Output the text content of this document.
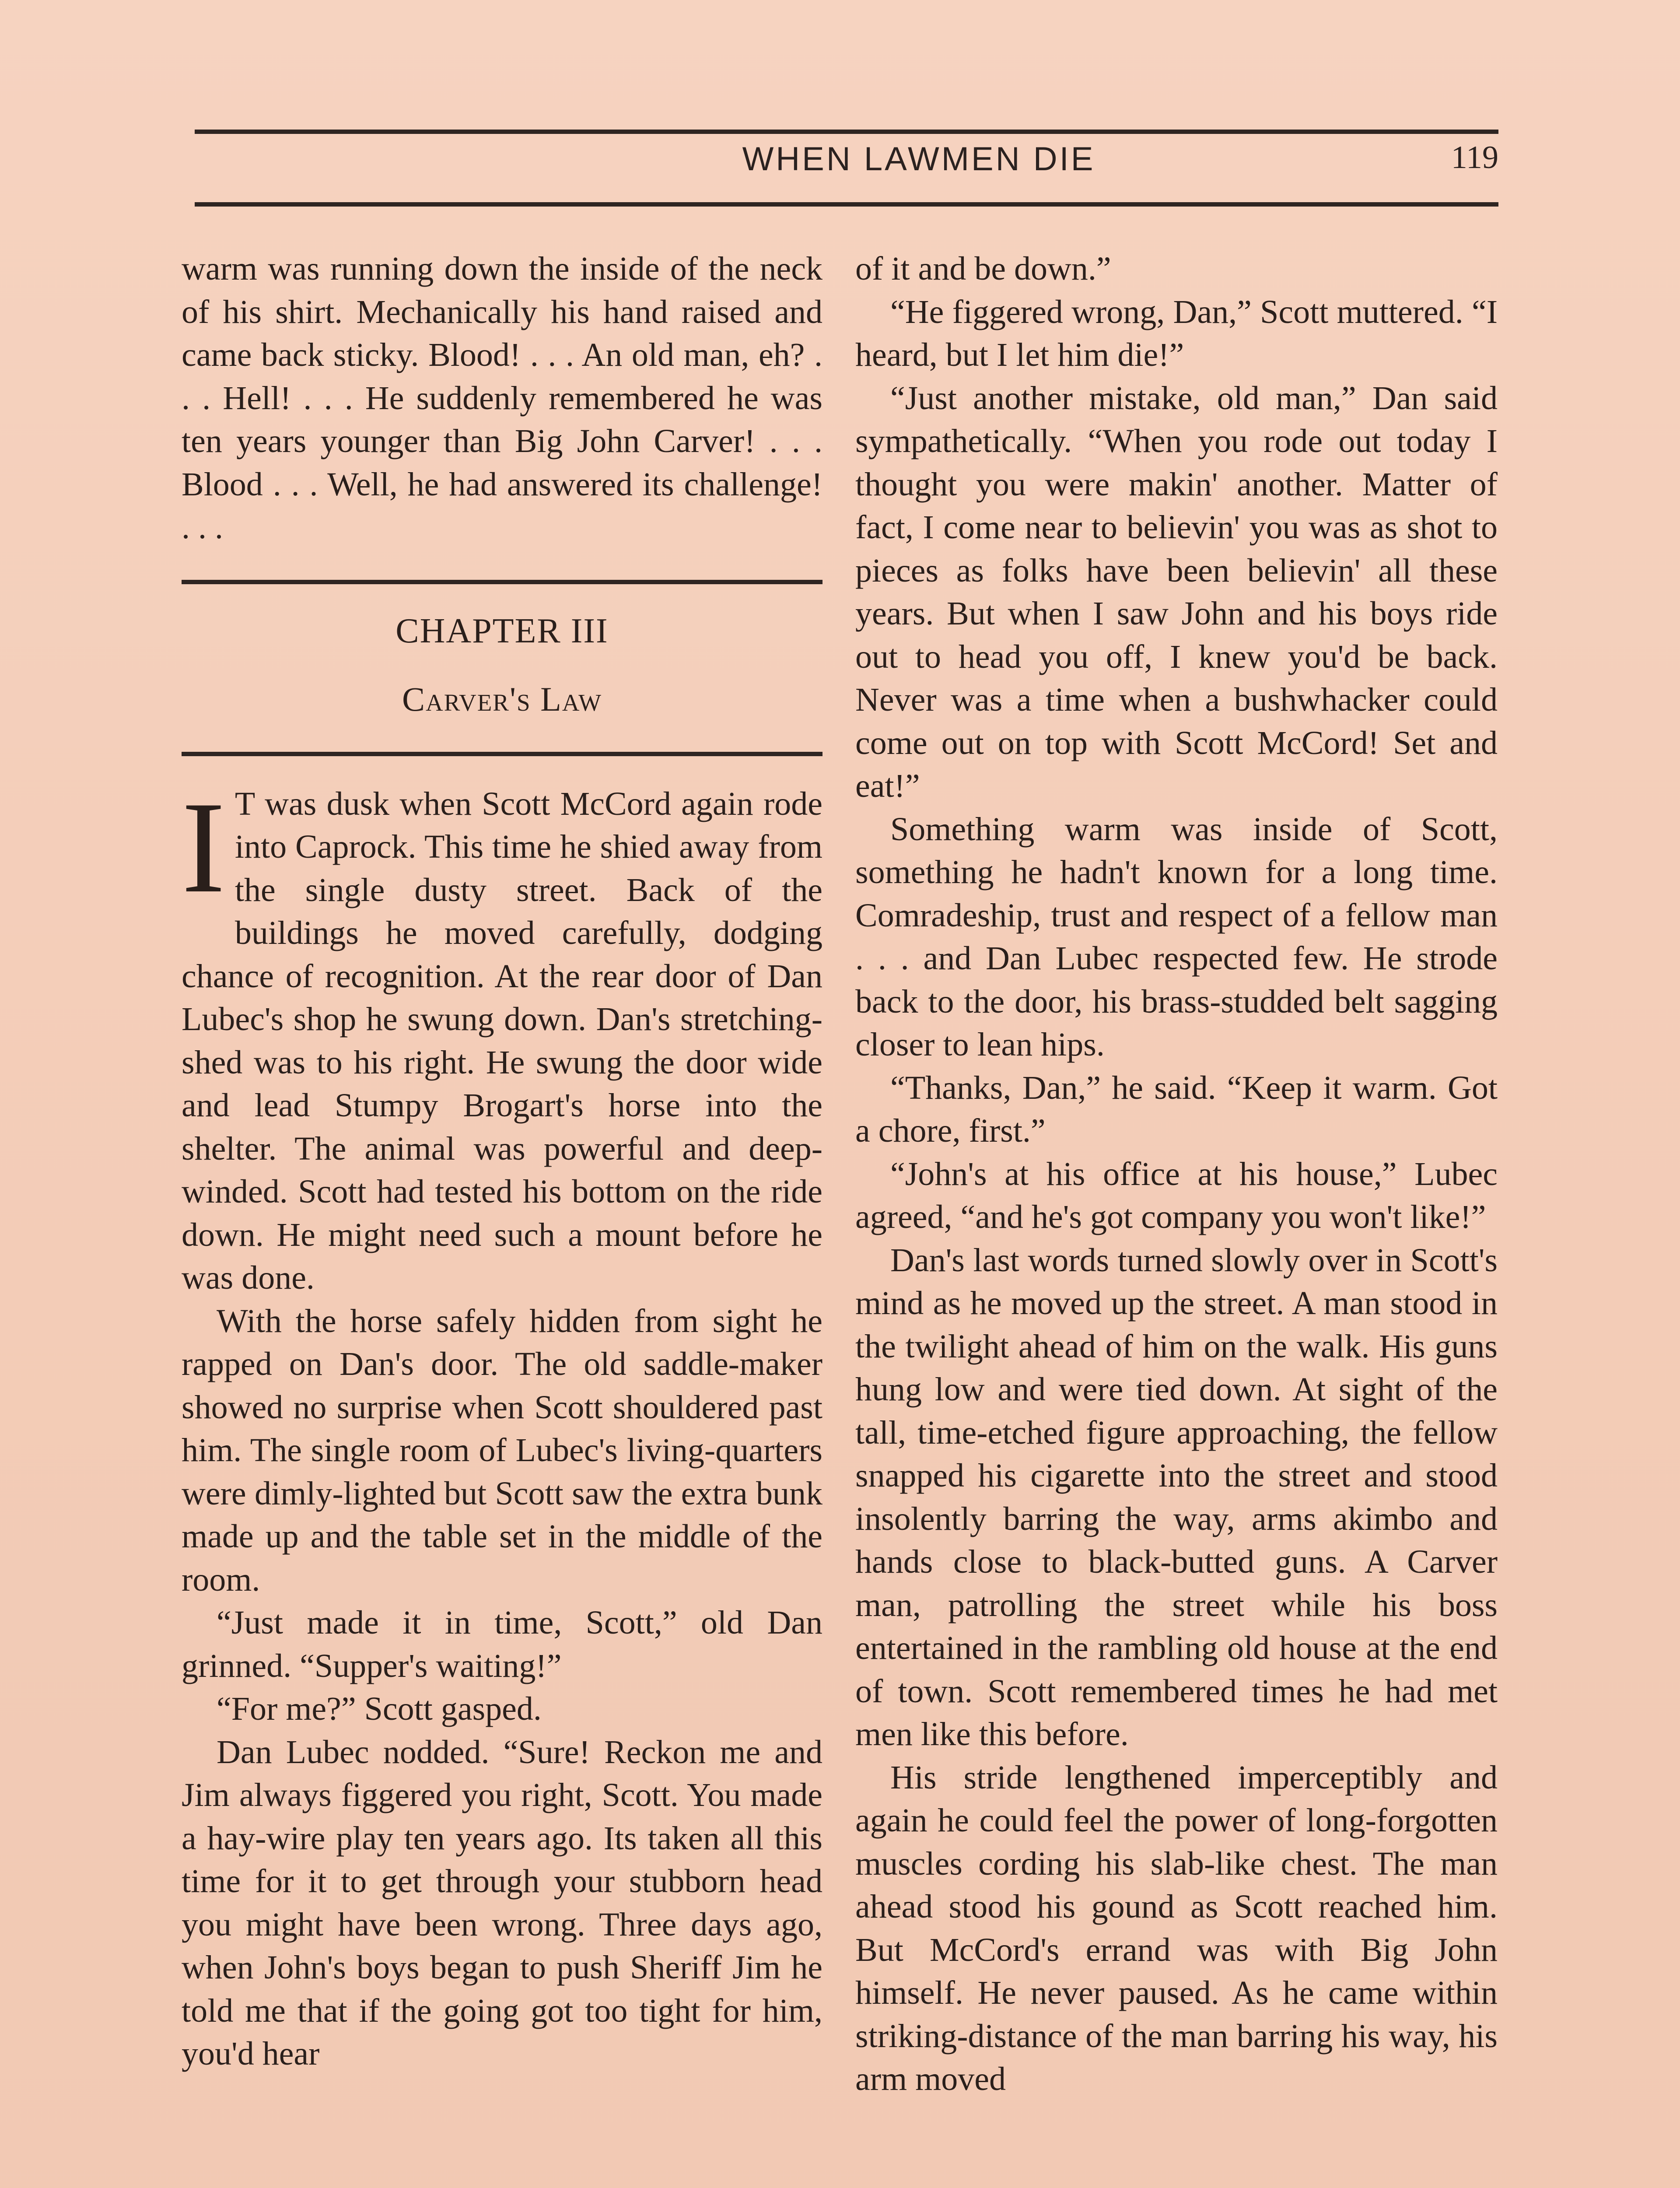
WHEN LAWMEN DIE	119

warm was running down the inside of the neck of his shirt. Mechanically his hand raised and came back sticky. Blood! . . . An old man, eh? . . . Hell! . . . He suddenly remembered he was ten years younger than Big John Carver! . . . Blood . . . Well, he had answered its challenge! . . .

CHAPTER III
Carver's Law

I T was dusk when Scott McCord again rode into Caprock. This time he shied away from the single dusty street. Back of the buildings he moved carefully, dodging chance of recognition. At the rear door of Dan Lubec's shop he swung down. Dan's stretching-shed was to his right. He swung the door wide and lead Stumpy Brogart's horse into the shelter. The animal was powerful and deep-winded. Scott had tested his bottom on the ride down. He might need such a mount before he was done.

With the horse safely hidden from sight he rapped on Dan's door. The old saddle-maker showed no surprise when Scott shouldered past him. The single room of Lubec's living-quarters were dimly-lighted but Scott saw the extra bunk made up and the table set in the middle of the room.

“Just made it in time, Scott,” old Dan grinned. “Supper's waiting!”

“For me?” Scott gasped.

Dan Lubec nodded. “Sure! Reckon me and Jim always figgered you right, Scott. You made a hay-wire play ten years ago. Its taken all this time for it to get through your stubborn head you might have been wrong. Three days ago, when John's boys began to push Sheriff Jim he told me that if the going got too tight for him, you'd hear

of it and be down.”

“He figgered wrong, Dan,” Scott muttered. “I heard, but I let him die!”

“Just another mistake, old man,” Dan said sympathetically. “When you rode out today I thought you were makin' another. Matter of fact, I come near to believin' you was as shot to pieces as folks have been believin' all these years. But when I saw John and his boys ride out to head you off, I knew you'd be back. Never was a time when a bushwhacker could come out on top with Scott McCord! Set and eat!”

Something warm was inside of Scott, something he hadn't known for a long time. Comradeship, trust and respect of a fellow man . . . and Dan Lubec respected few. He strode back to the door, his brass-studded belt sagging closer to lean hips.

“Thanks, Dan,” he said. “Keep it warm. Got a chore, first.”

“John's at his office at his house,” Lubec agreed, “and he's got company you won't like!”

Dan's last words turned slowly over in Scott's mind as he moved up the street. A man stood in the twilight ahead of him on the walk. His guns hung low and were tied down. At sight of the tall, time-etched figure approaching, the fellow snapped his cigarette into the street and stood insolently barring the way, arms akimbo and hands close to black-butted guns. A Carver man, patrolling the street while his boss entertained in the rambling old house at the end of town. Scott remembered times he had met men like this before.

His stride lengthened imperceptibly and again he could feel the power of long-forgotten muscles cording his slab-like chest. The man ahead stood his gound as Scott reached him. But McCord's errand was with Big John himself. He never paused. As he came within striking-distance of the man barring his way, his arm moved
